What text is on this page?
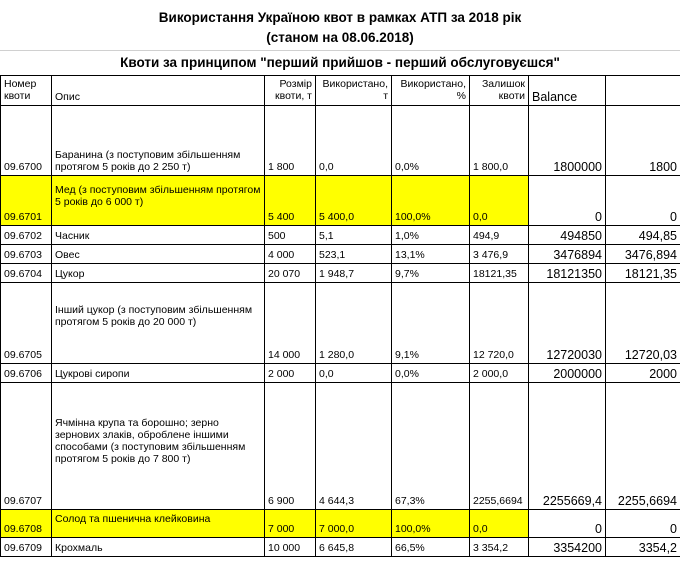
Використання Україною квот в рамках АТП за 2018 рік
(станом на 08.06.2018)
Квоти за принципом "перший прийшов - перший обслуговуєшся"
Номер квоти	Опис	Розмір квоти, т	Використано, т	Використано, %	Залишок квоти	Balance	
09.6700	Баранина (з поступовим збільшенням протягом 5 років до 2 250 т)	1 800	0,0	0,0%	1 800,0	1800000	1800
09.6701	Мед (з поступовим збільшенням протягом 5 років до 6 000 т)	5 400	5 400,0	100,0%	0,0	0	0
09.6702	Часник	500	5,1	1,0%	494,9	494850	494,85
09.6703	Овес	4 000	523,1	13,1%	3 476,9	3476894	3476,894
09.6704	Цукор	20 070	1 948,7	9,7%	18121,35	18121350	18121,35
09.6705	Інший цукор (з поступовим збільшенням протягом 5 років до 20 000 т)	14 000	1 280,0	9,1%	12 720,0	12720030	12720,03
09.6706	Цукрові сиропи	2 000	0,0	0,0%	2 000,0	2000000	2000
09.6707	Ячмінна крупа та борошно; зерно зернових злаків, оброблене іншими способами (з поступовим збільшенням протягом 5 років до 7 800 т)	6 900	4 644,3	67,3%	2255,6694	2255669,4	2255,6694
09.6708	Солод та пшенична клейковина	7 000	7 000,0	100,0%	0,0	0	0
09.6709	Крохмаль	10 000	6 645,8	66,5%	3 354,2	3354200	3354,2
